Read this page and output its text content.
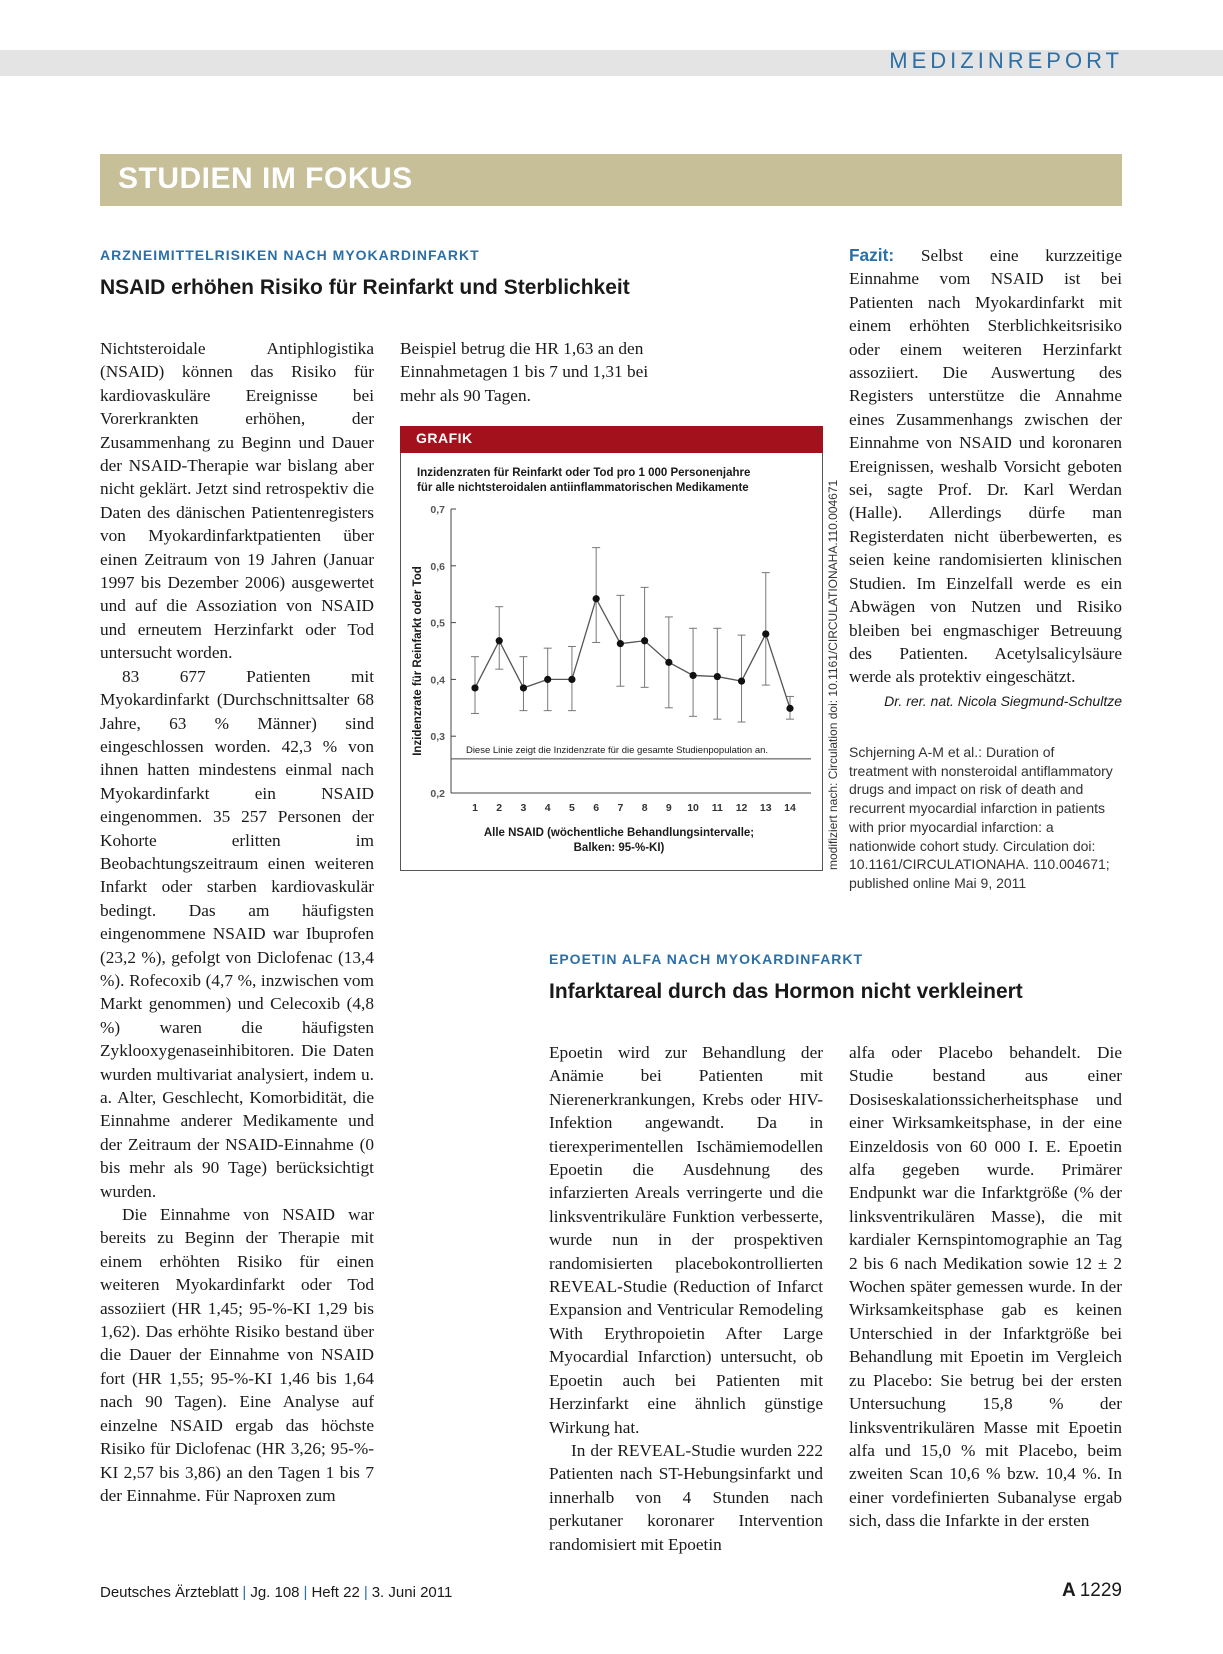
MEDIZINREPORT
STUDIEN IM FOKUS
ARZNEIMITTELRISIKEN NACH MYOKARDINFARKT
NSAID erhöhen Risiko für Reinfarkt und Sterblichkeit

Nichtsteroidale Antiphlogistika (NSAID) können das Risiko für kardiovaskuläre Ereignisse bei Vorerkrankten erhöhen, der Zusammenhang zu Beginn und Dauer der NSAID-Therapie war bislang aber nicht geklärt. Jetzt sind retrospektiv die Daten des dänischen Patientenregisters von Myokardinfarktpatienten über einen Zeitraum von 19 Jahren (Januar 1997 bis Dezember 2006) ausgewertet und auf die Assoziation von NSAID und erneutem Herzinfarkt oder Tod untersucht worden.

83 677 Patienten mit Myokardinfarkt (Durchschnittsalter 68 Jahre, 63 % Männer) sind eingeschlossen worden. 42,3 % von ihnen hatten mindestens einmal nach Myokardinfarkt ein NSAID eingenommen. 35 257 Personen der Kohorte erlitten im Beobachtungszeitraum einen weiteren Infarkt oder starben kardiovaskulär bedingt. Das am häufigsten eingenommene NSAID war Ibuprofen (23,2 %), gefolgt von Diclofenac (13,4 %). Rofecoxib (4,7 %, inzwischen vom Markt genommen) und Celecoxib (4,8 %) waren die häufigsten Zyklooxygenaseinhibitoren. Die Daten wurden multivariat analysiert, indem u. a. Alter, Geschlecht, Komorbidität, die Einnahme anderer Medikamente und der Zeitraum der NSAID-Einnahme (0 bis mehr als 90 Tage) berücksichtigt wurden.

Die Einnahme von NSAID war bereits zu Beginn der Therapie mit einem erhöhten Risiko für einen weiteren Myokardinfarkt oder Tod assoziiert (HR 1,45; 95-%-KI 1,29 bis 1,62). Das erhöhte Risiko bestand über die Dauer der Einnahme von NSAID fort (HR 1,55; 95-%-KI 1,46 bis 1,64 nach 90 Tagen). Eine Analyse auf einzelne NSAID ergab das höchste Risiko für Diclofenac (HR 3,26; 95-%-KI 2,57 bis 3,86) an den Tagen 1 bis 7 der Einnahme. Für Naproxen zum

Beispiel betrug die HR 1,63 an den Einnahmetagen 1 bis 7 und 1,31 bei mehr als 90 Tagen.

GRAFIK
Inzidenzraten für Reinfarkt oder Tod pro 1 000 Personenjahre
für alle nichtsteroidalen antiinflammatorischen Medikamente
0,2
0,3
0,4
0,5
0,6
0,7
1 2 3 4 5 6 7 8 9 10 11 12 13 14
Diese Linie zeigt die Inzidenzrate für die gesamte Studienpopulation an.
Inzidenzrate für Reinfarkt oder Tod
Alle NSAID (wöchentliche Behandlungsintervalle;
Balken: 95-%-KI)	modifiziert nach: Circulation doi: 10.1161/CIRCULATIONAHA.110.004671

Fazit: Selbst eine kurzzeitige Einnahme vom NSAID ist bei Patienten nach Myokardinfarkt mit einem erhöhten Sterblichkeitsrisiko oder einem weiteren Herzinfarkt assoziiert. Die Auswertung des Registers unterstütze die Annahme eines Zusammenhangs zwischen der Einnahme von NSAID und koronaren Ereignissen, weshalb Vorsicht geboten sei, sagte Prof. Dr. Karl Werdan (Halle). Allerdings dürfe man Registerdaten nicht überbewerten, es seien keine randomisierten klinischen Studien. Im Einzelfall werde es ein Abwägen von Nutzen und Risiko bleiben bei engmaschiger Betreuung des Patienten. Acetylsalicylsäure werde als protektiv eingeschätzt.

Dr. rer. nat. Nicola Siegmund-Schultze
Schjerning A-M et al.: Duration of treatment with nonsteroidal antiflammatory drugs and impact on risk of death and recurrent myocardial infarction in patients with prior myocardial infarction: a nationwide cohort study. Circulation doi: 10.1161/CIRCULATIONAHA. 110.004671; published online Mai 9, 2011
EPOETIN ALFA NACH MYOKARDINFARKT
Infarktareal durch das Hormon nicht verkleinert

Epoetin wird zur Behandlung der Anämie bei Patienten mit Nierenerkrankungen, Krebs oder HIV-Infektion angewandt. Da in tierexperimentellen Ischämiemodellen Epoetin die Ausdehnung des infarzierten Areals verringerte und die linksventrikuläre Funktion verbesserte, wurde nun in der prospektiven randomisierten placebokontrollierten REVEAL-Studie (Reduction of Infarct Expansion and Ventricular Remodeling With Erythropoietin After Large Myocardial Infarction) untersucht, ob Epoetin auch bei Patienten mit Herzinfarkt eine ähnlich günstige Wirkung hat.

In der REVEAL-Studie wurden 222 Patienten nach ST-Hebungsinfarkt und innerhalb von 4 Stunden nach perkutaner koronarer Intervention randomisiert mit Epoetin

alfa oder Placebo behandelt. Die Studie bestand aus einer Dosiseskalationssicherheitsphase und einer Wirksamkeitsphase, in der eine Einzeldosis von 60 000 I. E. Epoetin alfa gegeben wurde. Primärer Endpunkt war die Infarktgröße (% der linksventrikulären Masse), die mit kardialer Kernspintomographie an Tag 2 bis 6 nach Medikation sowie 12 ± 2 Wochen später gemessen wurde. In der Wirksamkeitsphase gab es keinen Unterschied in der Infarktgröße bei Behandlung mit Epoetin im Vergleich zu Placebo: Sie betrug bei der ersten Untersuchung 15,8 % der linksventrikulären Masse mit Epoetin alfa und 15,0 % mit Placebo, beim zweiten Scan 10,6 % bzw. 10,4 %. In einer vordefinierten Subanalyse ergab sich, dass die Infarkte in der ersten

Deutsches Ärzteblatt | Jg. 108 | Heft 22 | 3. Juni 2011	A 1229
